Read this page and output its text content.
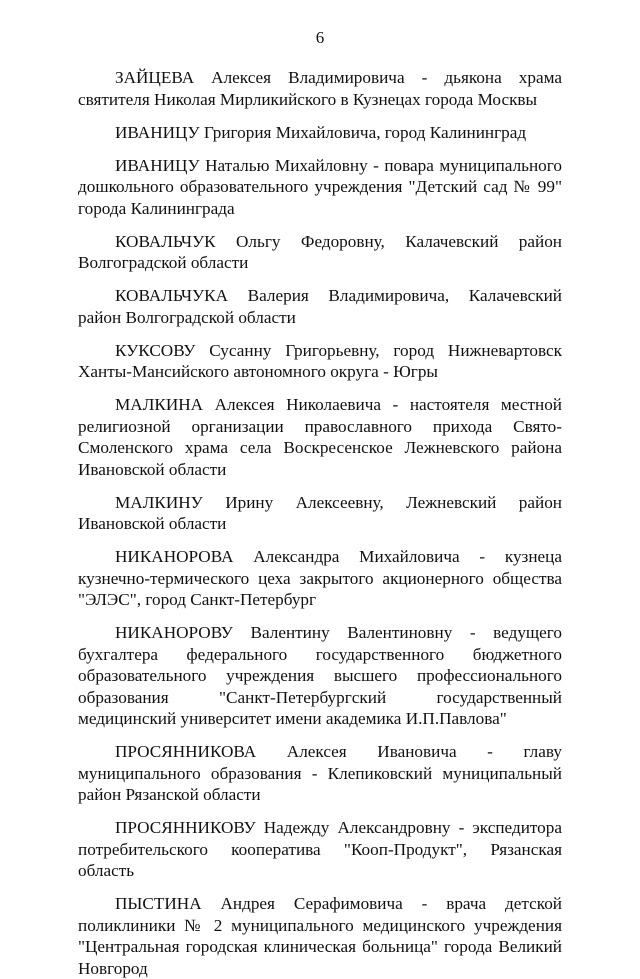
6

ЗАЙЦЕВА Алексея Владимировича - дьякона храма святителя Николая Мирликийского в Кузнецах города Москвы

ИВАНИЦУ Григория Михайловича, город Калининград

ИВАНИЦУ Наталью Михайловну - повара муниципального дошкольного образовательного учреждения "Детский сад № 99" города Калининграда

КОВАЛЬЧУК Ольгу Федоровну, Калачевский район Волгоградской области

КОВАЛЬЧУКА Валерия Владимировича, Калачевский район Волгоградской области

КУКСОВУ Сусанну Григорьевну, город Нижневартовск Ханты-Мансийского автономного округа - Югры

МАЛКИНА Алексея Николаевича - настоятеля местной религиозной организации православного прихода Свято-Смоленского храма села Воскресенское Лежневского района Ивановской области

МАЛКИНУ Ирину Алексеевну, Лежневский район Ивановской области

НИКАНОРОВА Александра Михайловича - кузнеца кузнечно-термического цеха закрытого акционерного общества "ЭЛЭС", город Санкт-Петербург

НИКАНОРОВУ Валентину Валентиновну - ведущего бухгалтера федерального государственного бюджетного образовательного учреждения высшего профессионального образования "Санкт-Петербургский государственный медицинский университет имени академика И.П.Павлова"

ПРОСЯННИКОВА Алексея Ивановича - главу муниципального образования - Клепиковский муниципальный район Рязанской области

ПРОСЯННИКОВУ Надежду Александровну - экспедитора потребительского кооператива "Кооп-Продукт", Рязанская область

ПЫСТИНА Андрея Серафимовича - врача детской поликлиники № 2 муниципального медицинского учреждения "Центральная городская клиническая больница" города Великий Новгород
